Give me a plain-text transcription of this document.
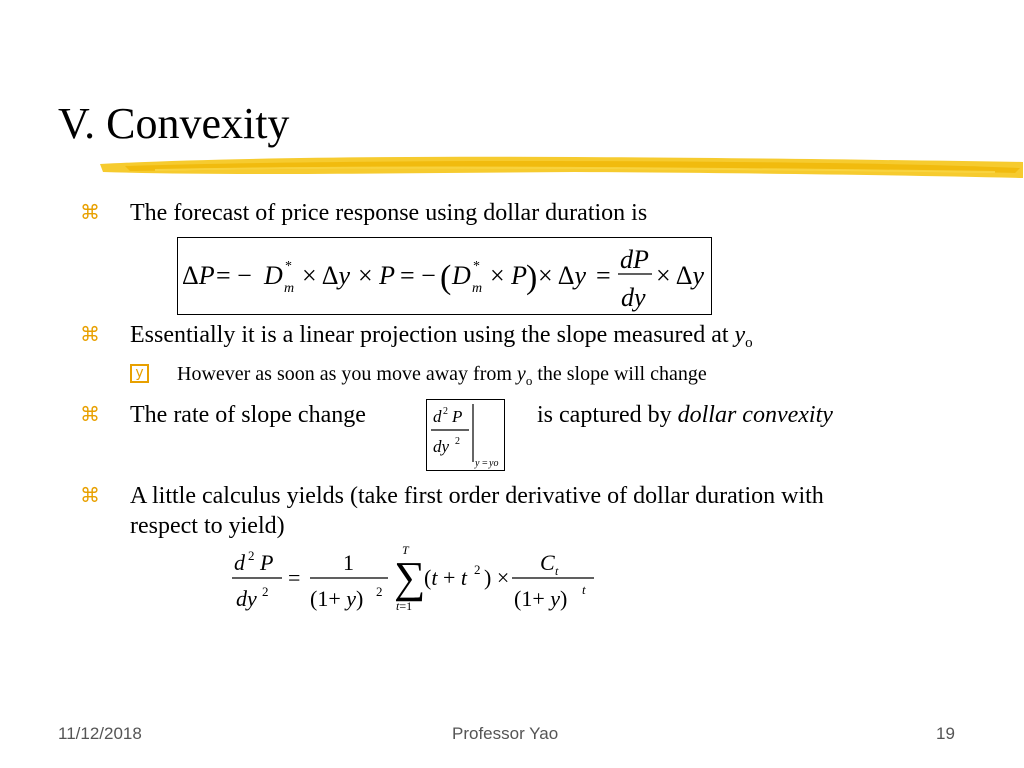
V. Convexity
⌘ The forecast of price response using dollar duration is
ΔP = − D *
m × Δy × P = − ( D *
m × P
) × Δy =
dP
dy
× Δy
⌘ Essentially it is a linear projection using the slope measured at $y_o$
y However as soon as you move away from $y_o$ the slope will change
⌘ The rate of slope change	d 2 P
dy 2
y = yo
is captured by dollar convexity
⌘ A little calculus yields (take first order derivative of dollar duration with
respect to yield)
d 2 P
dy 2
=
1
(1+ y) 2
T
∑
t=1
(t + t 2 ) ×
C t
(1+ y) t
11/12/2018	Professor Yao	19
